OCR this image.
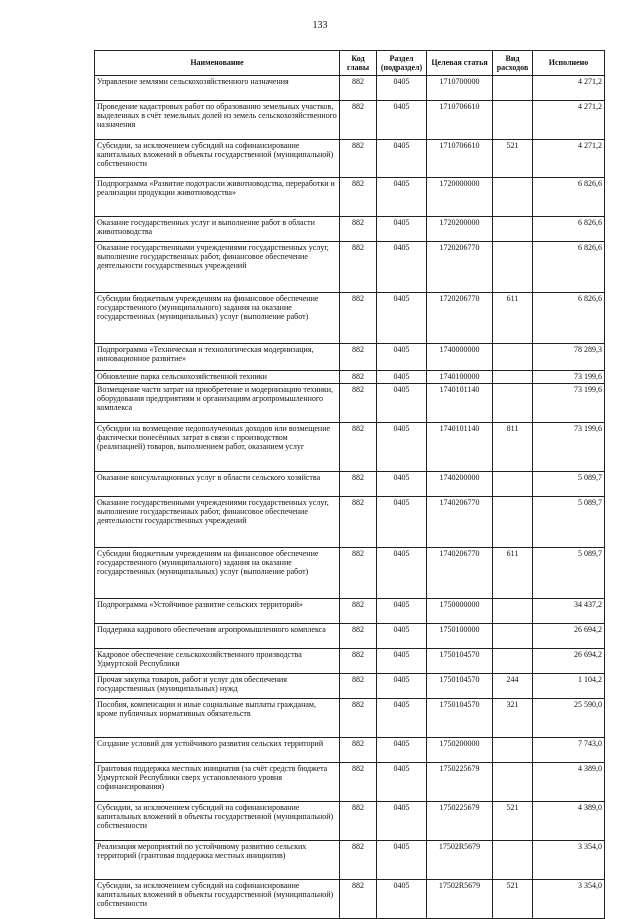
133
Наименование	Код главы	Раздел (подраздел)	Целевая статья	Вид расходов	Исполнено
Управление землями сельскохозяйственного назначения	882	0405	1710700000		4 271,2
Проведение кадастровых работ по образованию земельных участков, выделенных в счёт земельных долей из земель сельскохозяйственного назначения	882	0405	1710706610		4 271,2
Субсидии, за исключением субсидий на софинансирование капитальных вложений в объекты государственной (муниципальной) собственности	882	0405	1710706610	521	4 271,2
Подпрограмма «Развитие подотрасли животноводства, переработки и реализации продукции животноводства»	882	0405	1720000000		6 826,6
Оказание государственных услуг и выполнение работ в области животноводства	882	0405	1720200000		6 826,6
Оказание государственными учреждениями государственных услуг, выполнение государственных работ, финансовое обеспечение деятельности государственных учреждений	882	0405	1720206770		6 826,6
Субсидии бюджетным учреждениям на финансовое обеспечение государственного (муниципального) задания на оказание государственных (муниципальных) услуг (выполнение работ)	882	0405	1720206770	611	6 826,6
Подпрограмма «Техническая и технологическая модернизация, инновационное развитие»	882	0405	1740000000		78 289,3
Обновление парка сельскохозяйственной техники	882	0405	1740100000		73 199,6
Возмещение части затрат на приобретение и модернизацию техники, оборудования предприятиям и организациям агропромышленного комплекса	882	0405	1740101140		73 199,6
Субсидии на возмещение недополученных доходов или возмещение фактически понесённых затрат в связи с производством (реализацией) товаров, выполнением работ, оказанием услуг	882	0405	1740101140	811	73 199,6
Оказание консультационных услуг в области сельского хозяйства	882	0405	1740200000		5 089,7
Оказание государственными учреждениями государственных услуг, выполнение государственных работ, финансовое обеспечение деятельности государственных учреждений	882	0405	1740206770		5 089,7
Субсидии бюджетным учреждениям на финансовое обеспечение государственного (муниципального) задания на оказание государственных (муниципальных) услуг (выполнение работ)	882	0405	1740206770	611	5 089,7
Подпрограмма «Устойчивое развитие сельских территорий»	882	0405	1750000000		34 437,2
Поддержка кадрового обеспечения агропромышленного комплекса	882	0405	1750100000		26 694,2
Кадровое обеспечение сельскохозяйственного производства Удмуртской Республики	882	0405	1750104570		26 694,2
Прочая закупка товаров, работ и услуг для обеспечения государственных (муниципальных) нужд	882	0405	1750104570	244	1 104,2
Пособия, компенсации и иные социальные выплаты гражданам, кроме публичных нормативных обязательств	882	0405	1750104570	321	25 590,0
Создание условий для устойчивого развития сельских территорий	882	0405	1750200000		7 743,0
Грантовая поддержка местных инициатив (за счёт средств бюджета Удмуртской Республики сверх установленного уровня софинансирования)	882	0405	1750225679		4 389,0
Субсидии, за исключением субсидий на софинансирование капитальных вложений в объекты государственной (муниципальной) собственности	882	0405	1750225679	521	4 389,0
Реализация мероприятий по устойчивому развитию сельских территорий (грантовая поддержка местных инициатив)	882	0405	17502R5679		3 354,0
Субсидии, за исключением субсидий на софинансирование капитальных вложений в объекты государственной (муниципальной) собственности	882	0405	17502R5679	521	3 354,0
